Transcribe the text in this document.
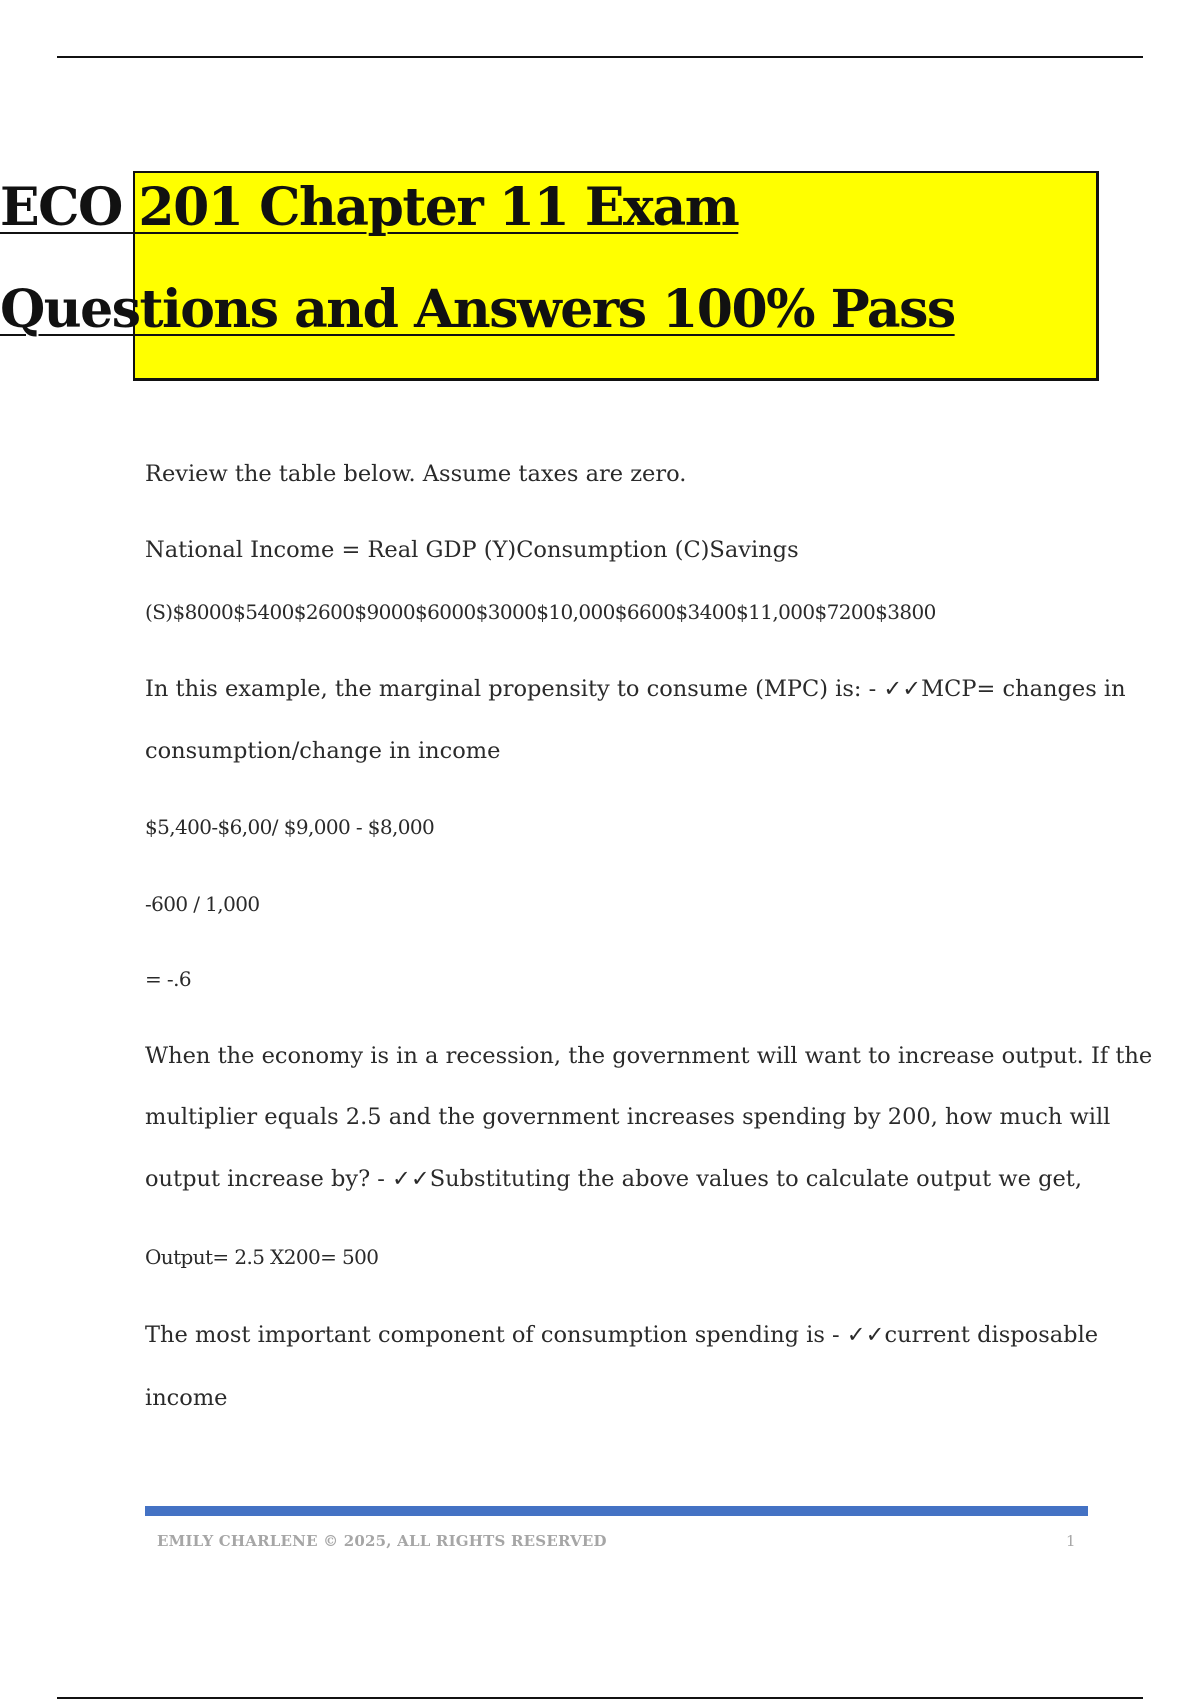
ECO 201 Chapter 11 Exam
Questions and Answers 100% Pass
Review the table below. Assume taxes are zero.
National Income = Real GDP (Y)Consumption (C)Savings
(S)$8000$5400$2600$9000$6000$3000$10,000$6600$3400$11,000$7200$3800
In this example, the marginal propensity to consume (MPC) is: - ✓✓MCP= changes in
consumption/change in income
$5,400-$6,00/ $9,000 - $8,000
-600 / 1,000
= -.6
When the economy is in a recession, the government will want to increase output. If the
multiplier equals 2.5 and the government increases spending by 200, how much will
output increase by? - ✓✓Substituting the above values to calculate output we get,
Output= 2.5 X200= 500
The most important component of consumption spending is - ✓✓current disposable
income
EMILY CHARLENE © 2025, ALL RIGHTS RESERVED	1
